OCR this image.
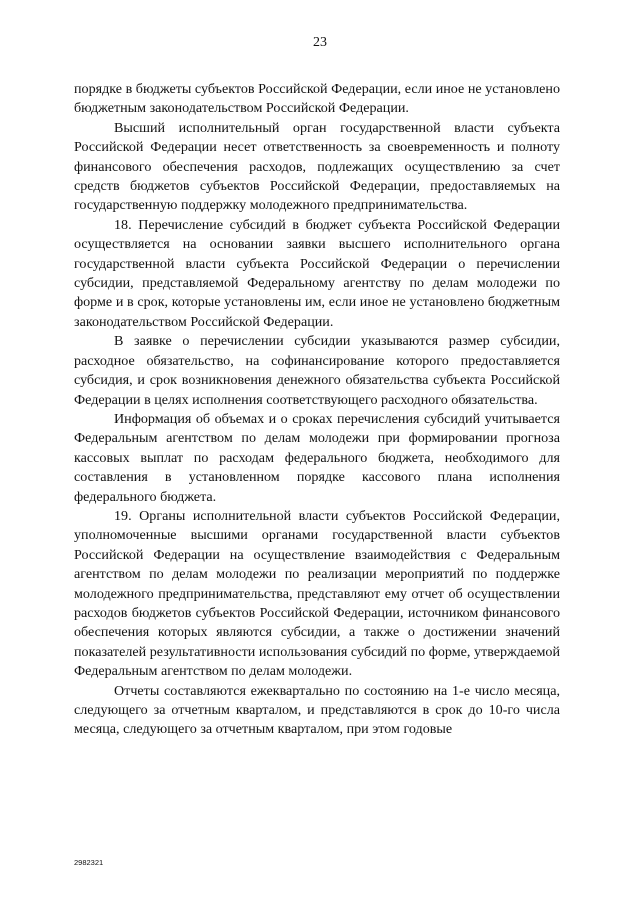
23

порядке в бюджеты субъектов Российской Федерации, если иное не установлено бюджетным законодательством Российской Федерации.

Высший исполнительный орган государственной власти субъекта Российской Федерации несет ответственность за своевременность и полноту финансового обеспечения расходов, подлежащих осуществлению за счет средств бюджетов субъектов Российской Федерации, предоставляемых на государственную поддержку молодежного предпринимательства.

18. Перечисление субсидий в бюджет субъекта Российской Федерации осуществляется на основании заявки высшего исполнительного органа государственной власти субъекта Российской Федерации о перечислении субсидии, представляемой Федеральному агентству по делам молодежи по форме и в срок, которые установлены им, если иное не установлено бюджетным законодательством Российской Федерации.

В заявке о перечислении субсидии указываются размер субсидии, расходное обязательство, на софинансирование которого предоставляется субсидия, и срок возникновения денежного обязательства субъекта Российской Федерации в целях исполнения соответствующего расходного обязательства.

Информация об объемах и о сроках перечисления субсидий учитывается Федеральным агентством по делам молодежи при формировании прогноза кассовых выплат по расходам федерального бюджета, необходимого для составления в установленном порядке кассового плана исполнения федерального бюджета.

19. Органы исполнительной власти субъектов Российской Федерации, уполномоченные высшими органами государственной власти субъектов Российской Федерации на осуществление взаимодействия с Федеральным агентством по делам молодежи по реализации мероприятий по поддержке молодежного предпринимательства, представляют ему отчет об осуществлении расходов бюджетов субъектов Российской Федерации, источником финансового обеспечения которых являются субсидии, а также о достижении значений показателей результативности использования субсидий по форме, утверждаемой Федеральным агентством по делам молодежи.

Отчеты составляются ежеквартально по состоянию на 1-е число месяца, следующего за отчетным кварталом, и представляются в срок до 10-го числа месяца, следующего за отчетным кварталом, при этом годовые

2982321
